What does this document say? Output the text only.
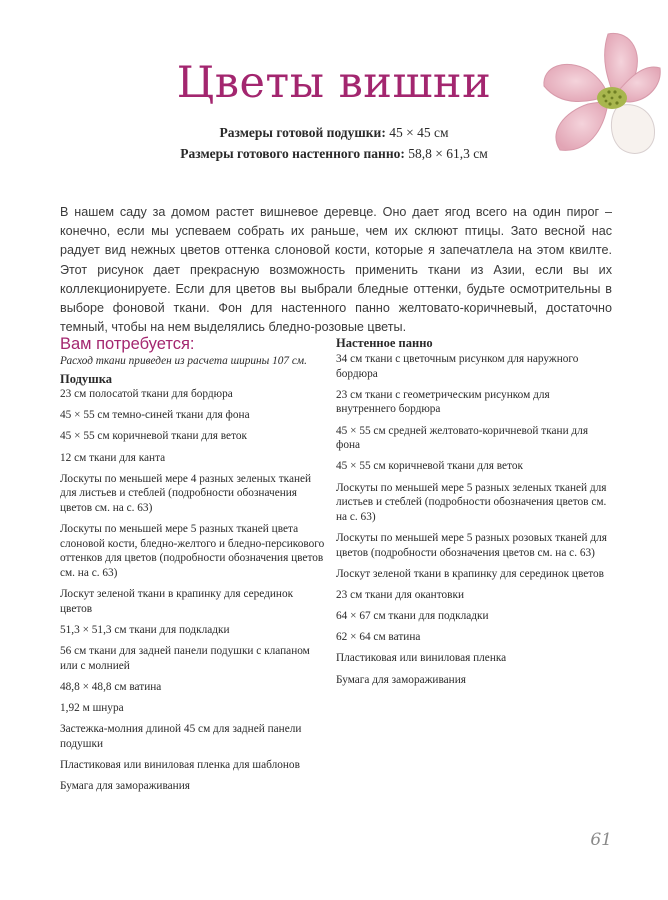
Цветы вишни
Размеры готовой подушки: 45 × 45 см
Размеры готового настенного панно: 58,8 × 61,3 см

В нашем саду за домом растет вишневое деревце. Оно дает ягод всего на один пирог – конечно, если мы успеваем собрать их раньше, чем их склюют птицы. Зато весной нас радует вид нежных цветов оттенка слоновой кости, которые я запечатлела на этом квилте. Этот рисунок дает прекрасную возможность применить ткани из Азии, если вы их коллекционируете. Если для цветов вы выбрали бледные оттенки, будьте осмотрительны в выборе фоновой ткани. Фон для настенного панно желтовато-коричневый, достаточно темный, чтобы на нем выделялись бледно-розовые цветы.

Вам потребуется:
Расход ткани приведен из расчета ширины 107 см.
Подушка
23 см полосатой ткани для бордюра
45 × 55 см темно-синей ткани для фона
45 × 55 см коричневой ткани для веток
12 см ткани для канта
Лоскуты по меньшей мере 4 разных зеленых тканей для листьев и стеблей (подробности обозначения цветов см. на с. 63)
Лоскуты по меньшей мере 5 разных тканей цвета слоновой кости, бледно-желтого и бледно-персикового оттенков для цветов (подробности обозначения цветов см. на с. 63)
Лоскут зеленой ткани в крапинку для серединок цветов
51,3 × 51,3 см ткани для подкладки
56 см ткани для задней панели подушки с клапаном или с молнией
48,8 × 48,8 см ватина
1,92 м шнура
Застежка-молния длиной 45 см для задней панели подушки
Пластиковая или виниловая пленка для шаблонов
Бумага для замораживания
Настенное панно
34 см ткани с цветочным рисунком для наружного бордюра
23 см ткани с геометрическим рисунком для внутреннего бордюра
45 × 55 см средней желтовато-коричневой ткани для фона
45 × 55 см коричневой ткани для веток
Лоскуты по меньшей мере 5 разных зеленых тканей для листьев и стеблей (подробности обозначения цветов см. на с. 63)
Лоскуты по меньшей мере 5 разных розовых тканей для цветов (подробности обозначения цветов см. на с. 63)
Лоскут зеленой ткани в крапинку для серединок цветов
23 см ткани для окантовки
64 × 67 см ткани для подкладки
62 × 64 см ватина
Пластиковая или виниловая пленка
Бумага для замораживания
61
